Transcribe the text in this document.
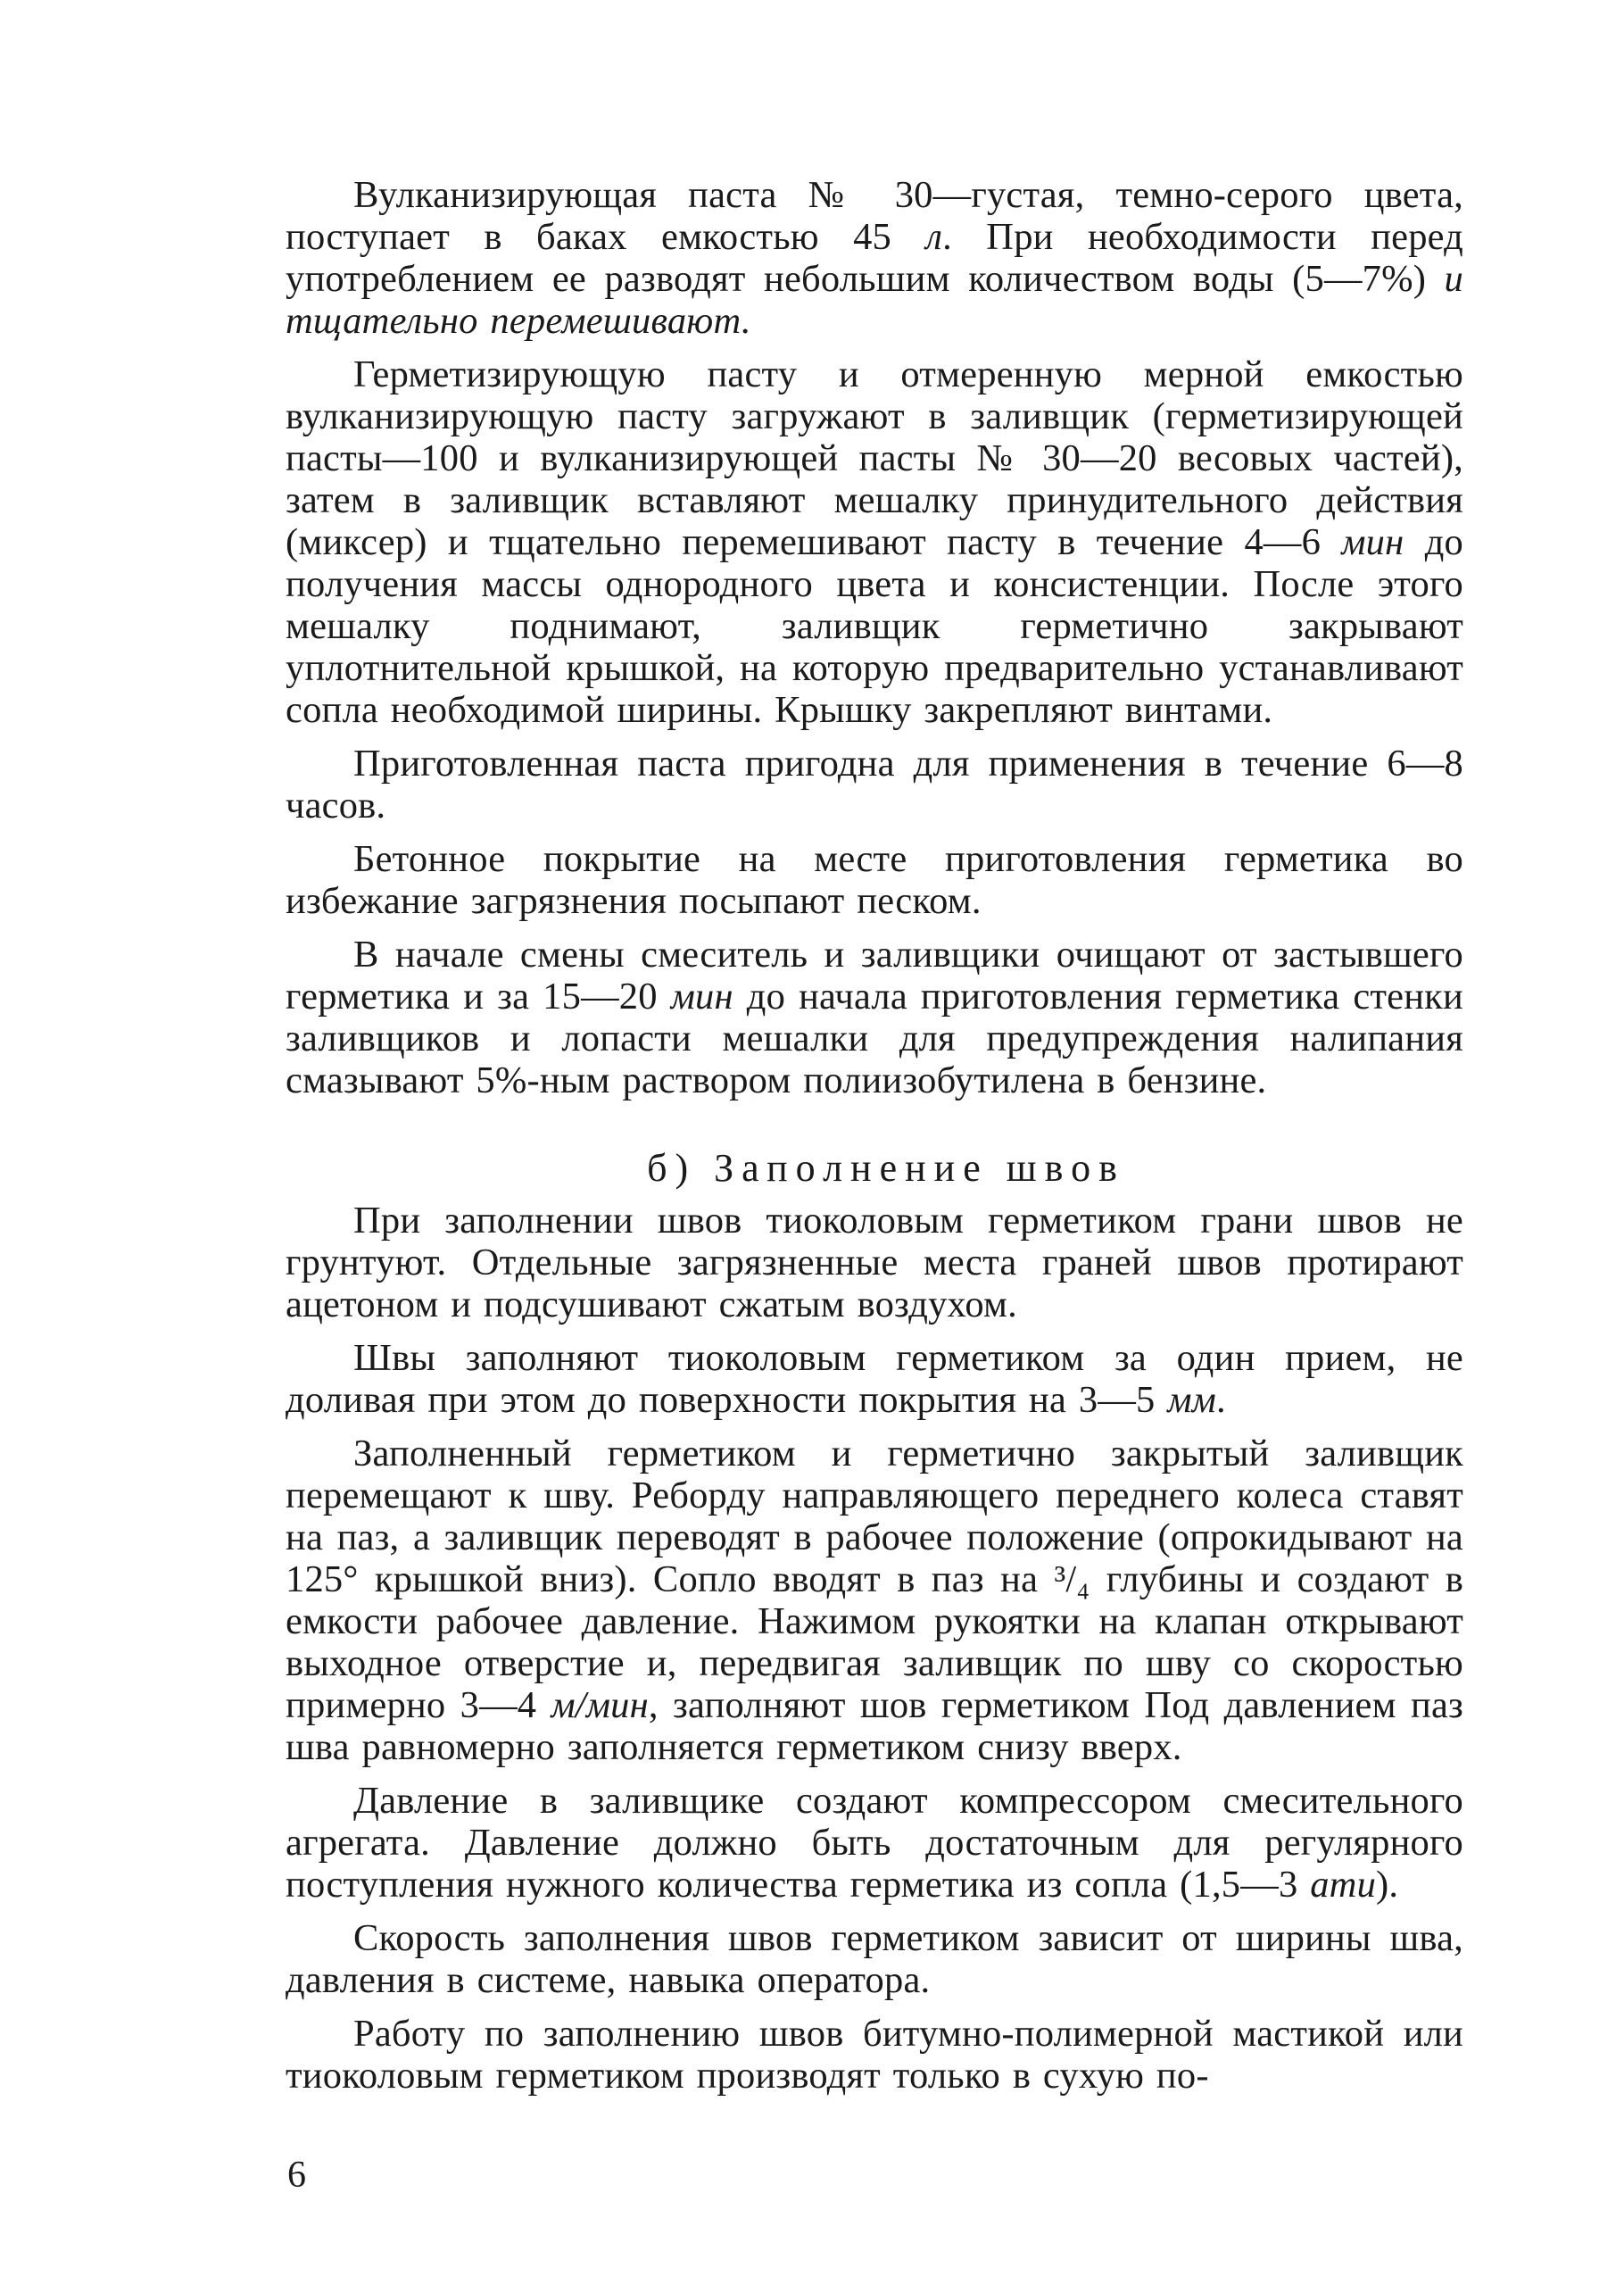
Вулканизирующая паста № 30—густая, темно-серого цвета, поступает в баках емкостью 45 л. При необходимости перед употреблением ее разводят небольшим количеством воды (5—7%) и тщательно перемешивают.

Герметизирующую пасту и отмеренную мерной емкостью вулканизирующую пасту загружают в заливщик (герметизирующей пасты—100 и вулканизирующей пасты № 30—20 весовых частей), затем в заливщик вставляют мешалку принудительного действия (миксер) и тщательно перемешивают пасту в течение 4—6 мин до получения массы однородного цвета и консистенции. После этого мешалку поднимают, заливщик герметично закрывают уплотнительной крышкой, на которую предварительно устанавливают сопла необходимой ширины. Крышку закрепляют винтами.

Приготовленная паста пригодна для применения в течение 6—8 часов.

Бетонное покрытие на месте приготовления герметика во избежание загрязнения посыпают песком.

В начале смены смеситель и заливщики очищают от застывшего герметика и за 15—20 мин до начала приготовления герметика стенки заливщиков и лопасти мешалки для предупреждения налипания смазывают 5%-ным раствором полиизобутилена в бензине.

б) Заполнение швов

При заполнении швов тиоколовым герметиком грани швов не грунтуют. Отдельные загрязненные места граней швов протирают ацетоном и подсушивают сжатым воздухом.

Швы заполняют тиоколовым герметиком за один прием, не доливая при этом до поверхности покрытия на 3—5 мм.

Заполненный герметиком и герметично закрытый заливщик перемещают к шву. Реборду направляющего переднего колеса ставят на паз, а заливщик переводят в рабочее положение (опрокидывают на 125° крышкой вниз). Сопло вводят в паз на ³/₄ глубины и создают в емкости рабочее давление. Нажимом рукоятки на клапан открывают выходное отверстие и, передвигая заливщик по шву со скоростью примерно 3—4 м/мин, заполняют шов герметиком Под давлением паз шва равномерно заполняется герметиком снизу вверх.

Давление в заливщике создают компрессором смесительного агрегата. Давление должно быть достаточным для регулярного поступления нужного количества герметика из сопла (1,5—3 ати).

Скорость заполнения швов герметиком зависит от ширины шва, давления в системе, навыка оператора.

Работу по заполнению швов битумно-полимерной мастикой или тиоколовым герметиком производят только в сухую по-

6
